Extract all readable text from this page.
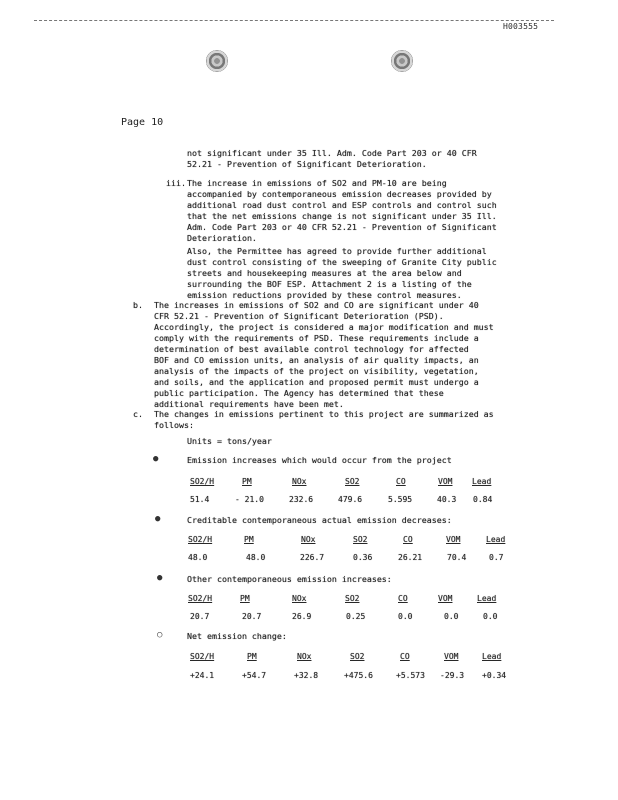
H003555
Page 10
not significant under 35 Ill. Adm. Code Part 203 or 40 CFR
52.21 - Prevention of Significant Deterioration.
iii. The increase in emissions of SO2 and PM-10 are being
accompanied by contemporaneous emission decreases provided by
additional road dust control and ESP controls and control such
that the net emissions change is not significant under 35 Ill.
Adm. Code Part 203 or 40 CFR 52.21 - Prevention of Significant
Deterioration.
Also, the Permittee has agreed to provide further additional
dust control consisting of the sweeping of Granite City public
streets and housekeeping measures at the area below and
surrounding the BOF ESP. Attachment 2 is a listing of the
emission reductions provided by these control measures.
b. The increases in emissions of SO2 and CO are significant under 40
CFR 52.21 - Prevention of Significant Deterioration (PSD).
Accordingly, the project is considered a major modification and must
comply with the requirements of PSD. These requirements include a
determination of best available control technology for affected
BOF and CO emission units, an analysis of air quality impacts, an
analysis of the impacts of the project on visibility, vegetation,
and soils, and the application and proposed permit must undergo a
public participation. The Agency has determined that these
additional requirements have been met.
c. The changes in emissions pertinent to this project are summarized as
follows:
Units = tons/year
●	Emission increases which would occur from the project
SO2/H	PM	NOx	SO2	CO	VOM Lead
51.4	- 21.0	232.6	479.6	5.595	40.3 0.84
●	Creditable contemporaneous actual emission decreases:
SO2/H	PM	NOx	SO2	CO	VOM	Lead
48.0	48.0	226.7	0.36	26.21	70.4	0.7
●	Other contemporaneous emission increases:
SO2/H	PM	NOx	SO2	CO	VOM	Lead
20.7	20.7	26.9	0.25	0.0	0.0	0.0
○	Net emission change:
SO2/H	PM	NOx	SO2	CO	VOM	Lead
+24.1	+54.7	+32.8	+475.6	+5.573 -29.3 +0.34
